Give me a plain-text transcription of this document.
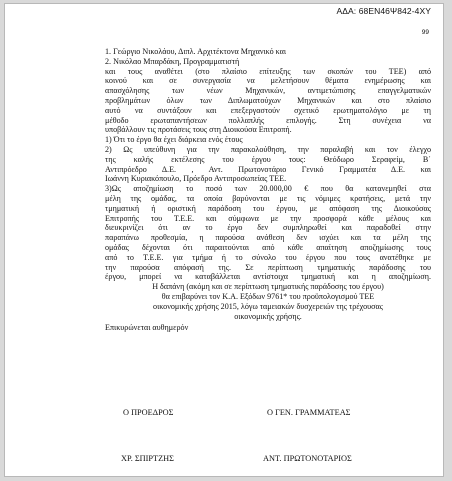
ΑΔΑ: 68ΕΝ46Ψ842-4ΧΥ
99
1. Γεώργιο Νικολάου, Διπλ. Αρχιτέκτονα Μηχανικό και
2. Νικόλαο Μπαρδάκη, Προγραμματιστή
και τους αναθέτει (στο πλαίσιο επίτευξης των σκοπών του ΤΕΕ) από
κοινού και σε συνεργασία να μελετήσουν θέματα ενημέρωσης και
απασχόλησης των νέων Μηχανικών, αντιμετώπισης επαγγελματικών
προβλημάτων όλων των Διπλωματούχων Μηχανικών και στο πλαίσιο
αυτό να συντάξουν και επεξεργαστούν σχετικό ερωτηματολόγιο με τη
μέθοδο ερωταπαντήσεων πολλαπλής επιλογής. Στη συνέχεια να
υποβάλλουν τις προτάσεις τους στη Διοικούσα Επιτροπή.
1) Ότι το έργο θα έχει διάρκεια ενός έτους
2) Ως υπεύθυνη για την παρακολούθηση, την παραλαβή και τον έλεγχο
της καλής εκτέλεσης του έργου τους: Θεόδωρο Σεραφείμ, Β΄
Αντιπρόεδρο Δ.Ε. , Αντ. Πρωτονοτάριο Γενικό Γραμματέα Δ.Ε. και
Ιωάννη Κυριακόπουλο, Πρόεδρο Αντιπροσωπείας ΤΕΕ.
3)Ως αποζημίωση το ποσό των 20.000,00 € που θα κατανεμηθεί στα
μέλη της ομάδας, τα οποία βαρύνονται με τις νόμιμες κρατήσεις, μετά την
τμηματική ή οριστική παράδοση του έργου, με απόφαση της Διοικούσας
Επιτροπής του Τ.Ε.Ε. και σύμφωνα με την προσφορά κάθε μέλους και
διευκρινίζει ότι αν το έργο δεν συμπληρωθεί και παραδοθεί στην
παραπάνω προθεσμία, η παρούσα ανάθεση δεν ισχύει και τα μέλη της
ομάδας δέχονται ότι παραιτούνται από κάθε απαίτηση αποζημίωσης τους
από το Τ.Ε.Ε. για τμήμα ή το σύνολο του έργου που τους ανατέθηκε με
την παρούσα απόφασή της. Σε περίπτωση τμηματικής παράδοσης του
έργου, μπορεί να καταβάλλεται αντίστοιχα τμηματική και η αποζημίωση.
Η δαπάνη (ακόμη και σε περίπτωση τμηματικής παράδοσης του έργου)
θα επιβαρύνει τον Κ.Α. Εξόδων 9761* του προϋπολογισμού ΤΕΕ
οικονομικής χρήσης 2015, λόγω ταμειακών δυσχερειών της τρέχουσας
οικονομικής χρήσης.
Επικυρώνεται αυθημερόν
Ο ΠΡΟΕΔΡΟΣ	Ο ΓΕΝ. ΓΡΑΜΜΑΤΕΑΣ
ΧΡ. ΣΠΙΡΤΖΗΣ	ΑΝΤ. ΠΡΩΤΟΝΟΤΑΡΙΟΣ
